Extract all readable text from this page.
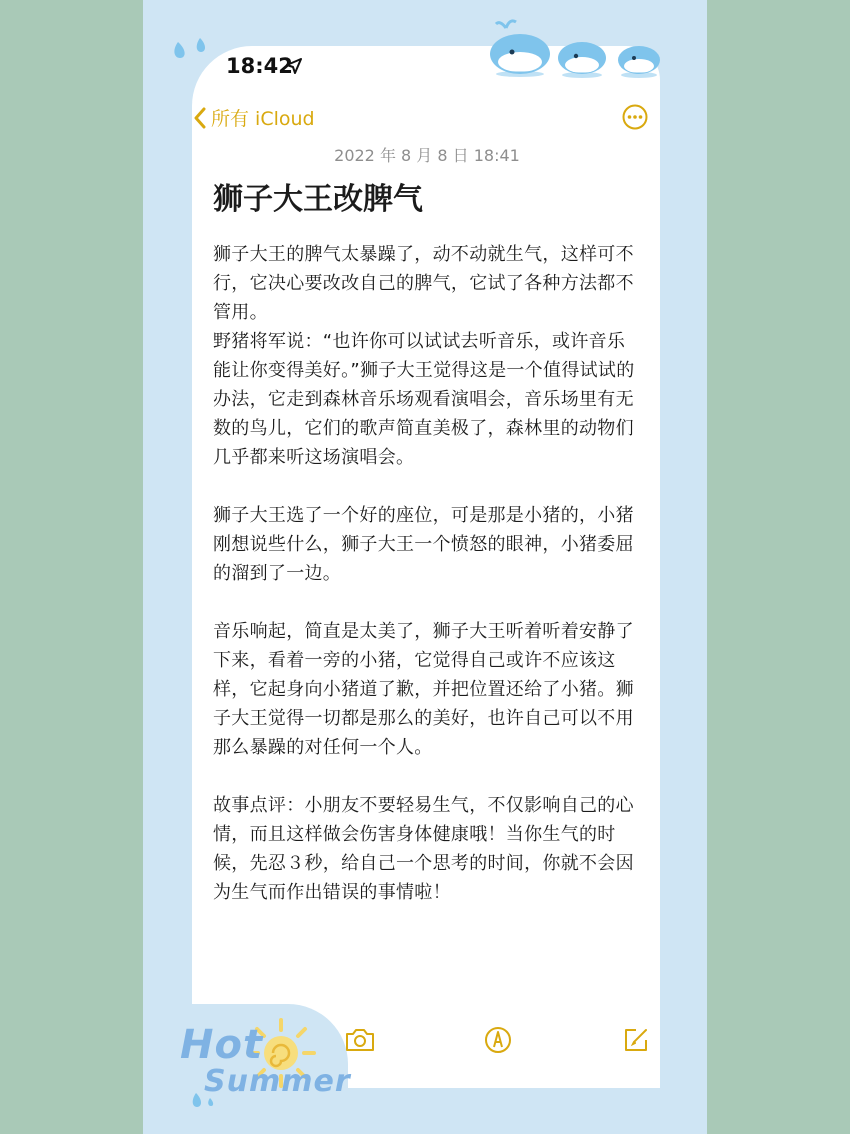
18:42
所有 iCloud
2022 年 8 月 8 日 18:41
狮子大王改脾气

狮子大王的脾气太暴躁了，动不动就生气，这样可不行，它决心要改改自己的脾气，它试了各种方法都不管用。

野猪将军说：“也许你可以试试去听音乐，或许音乐能让你变得美好。”狮子大王觉得这是一个值得试试的办法，它走到森林音乐场观看演唱会，音乐场里有无数的鸟儿，它们的歌声简直美极了，森林里的动物们几乎都来听这场演唱会。

狮子大王选了一个好的座位，可是那是小猪的，小猪刚想说些什么，狮子大王一个愤怒的眼神，小猪委屈的溜到了一边。

音乐响起，简直是太美了，狮子大王听着听着安静了下来，看着一旁的小猪，它觉得自己或许不应该这样，它起身向小猪道了歉，并把位置还给了小猪。狮子大王觉得一切都是那么的美好，也许自己可以不用那么暴躁的对任何一个人。

故事点评：小朋友不要轻易生气，不仅影响自己的心情，而且这样做会伤害身体健康哦！当你生气的时候，先忍３秒，给自己一个思考的时间，你就不会因为生气而作出错误的事情啦！

Hot
Summer
